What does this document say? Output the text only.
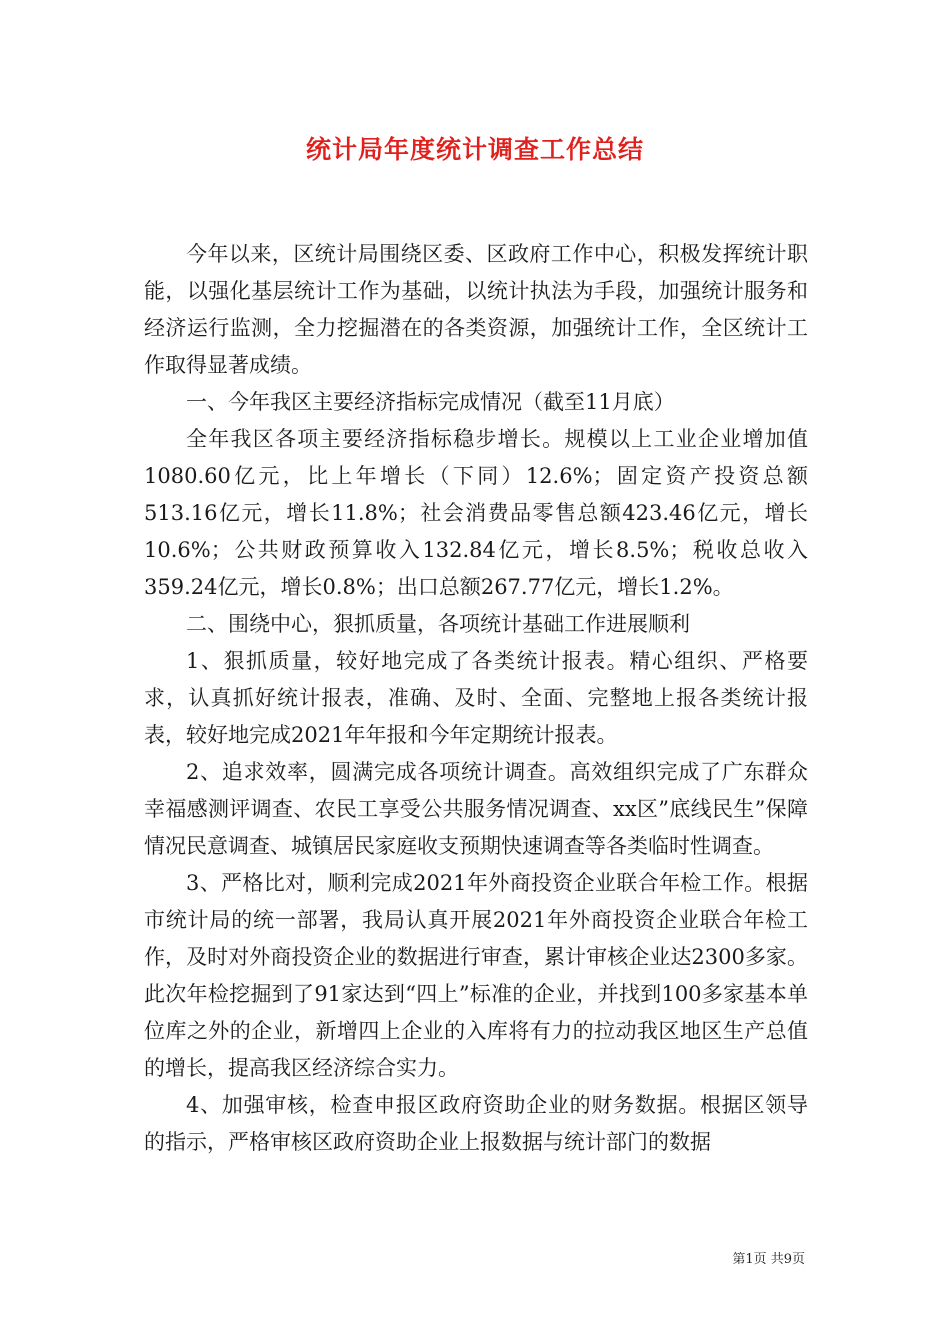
统计局年度统计调查工作总结

今年以来，区统计局围绕区委、区政府工作中心，积极发挥统计职能，以强化基层统计工作为基础，以统计执法为手段，加强统计服务和经济运行监测，全力挖掘潜在的各类资源，加强统计工作，全区统计工作取得显著成绩。

一、今年我区主要经济指标完成情况（截至11月底）

全年我区各项主要经济指标稳步增长。规模以上工业企业增加值1080.60亿元，比上年增长（下同）12.6%；固定资产投资总额513.16亿元，增长11.8%；社会消费品零售总额423.46亿元，增长10.6%；公共财政预算收入132.84亿元，增长8.5%；税收总收入359.24亿元，增长0.8%；出口总额267.77亿元，增长1.2%。

二、围绕中心，狠抓质量，各项统计基础工作进展顺利

1、狠抓质量，较好地完成了各类统计报表。精心组织、严格要求，认真抓好统计报表，准确、及时、全面、完整地上报各类统计报表，较好地完成2021年年报和今年定期统计报表。

2、追求效率，圆满完成各项统计调查。高效组织完成了广东群众幸福感测评调查、农民工享受公共服务情况调查、xx区”底线民生”保障情况民意调查、城镇居民家庭收支预期快速调查等各类临时性调查。

3、严格比对，顺利完成2021年外商投资企业联合年检工作。根据市统计局的统一部署，我局认真开展2021年外商投资企业联合年检工作，及时对外商投资企业的数据进行审查，累计审核企业达2300多家。此次年检挖掘到了91家达到“四上”标准的企业，并找到100多家基本单位库之外的企业，新增四上企业的入库将有力的拉动我区地区生产总值的增长，提高我区经济综合实力。

4、加强审核，检查申报区政府资助企业的财务数据。根据区领导的指示，严格审核区政府资助企业上报数据与统计部门的数据

第1页 共9页
